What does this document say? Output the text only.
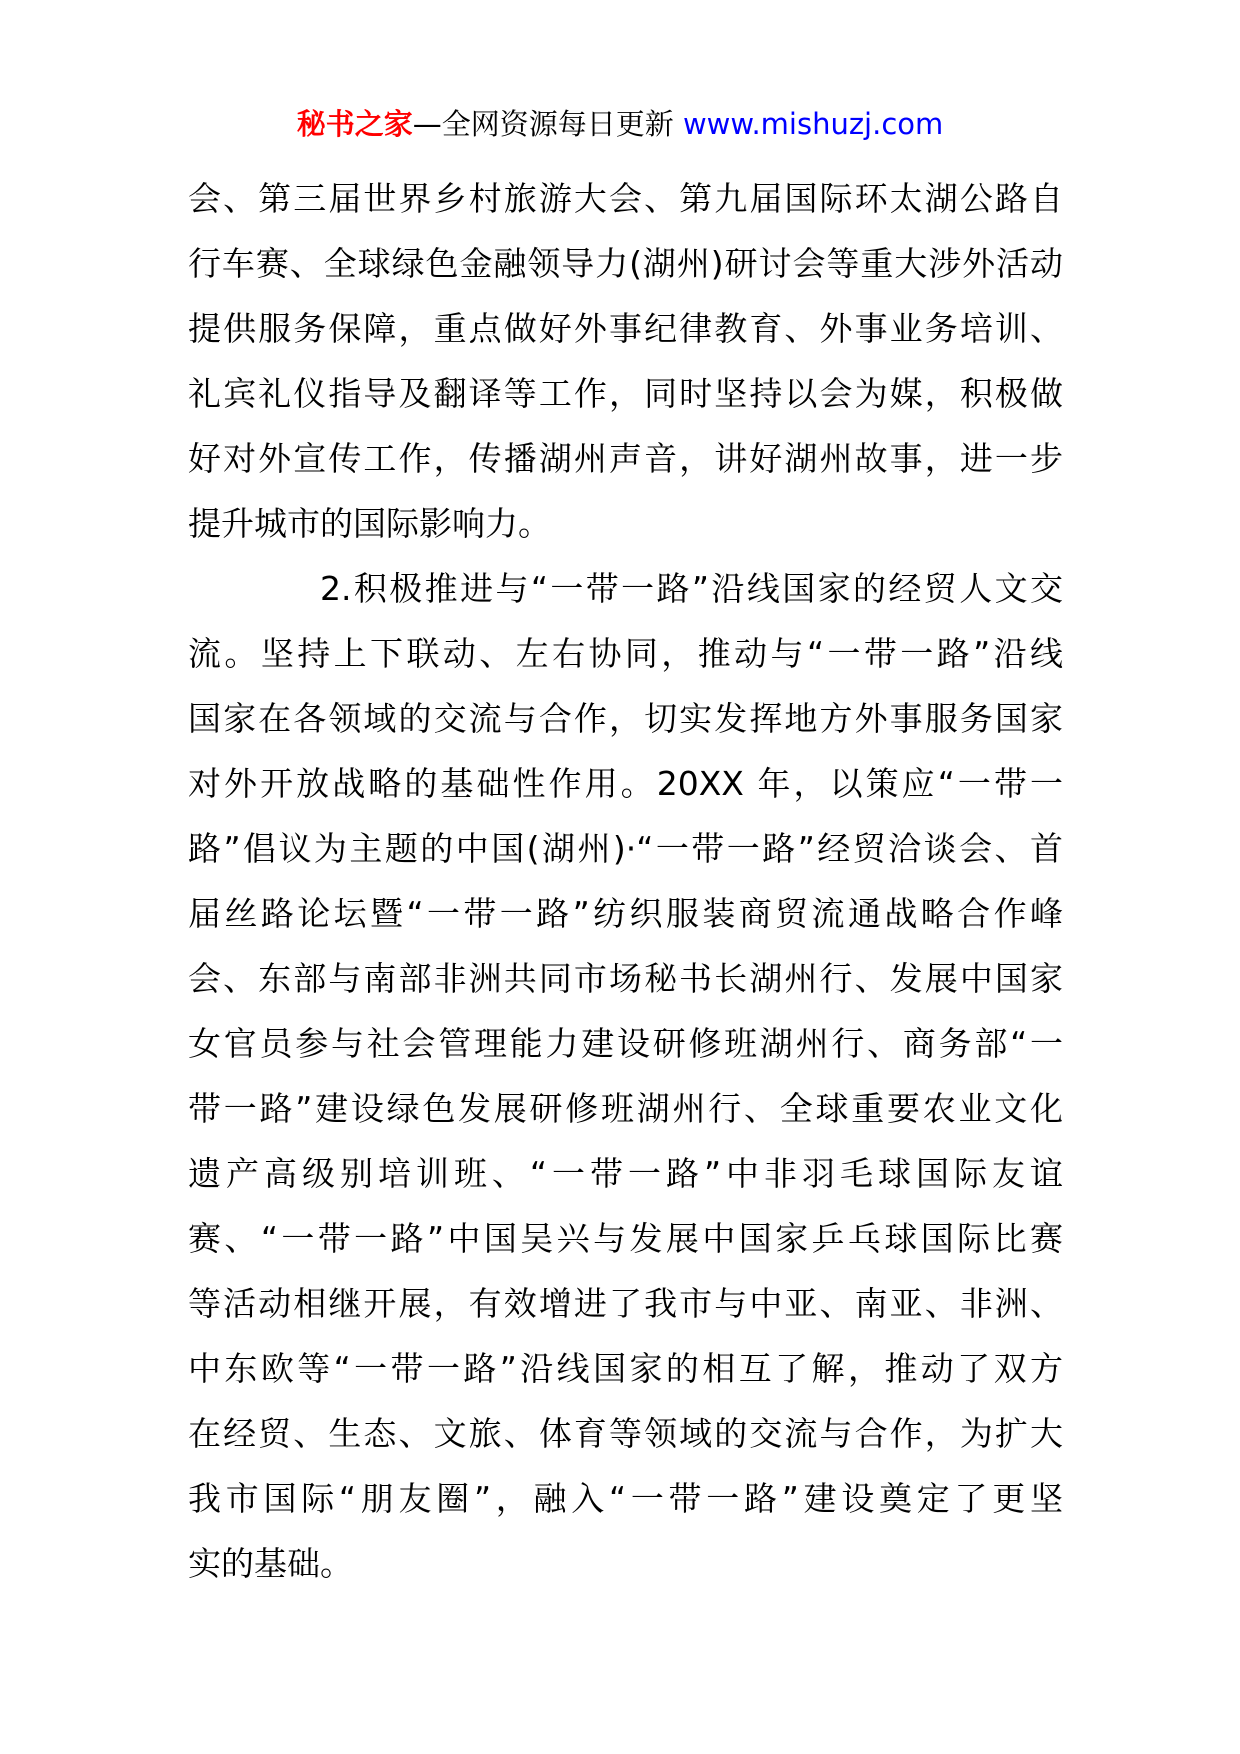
秘书之家—全网资源每日更新 www.mishuzj.com
会、第三届世界乡村旅游大会、第九届国际环太湖公路自
行车赛、全球绿色金融领导力(湖州)研讨会等重大涉外活动
提供服务保障，重点做好外事纪律教育、外事业务培训、
礼宾礼仪指导及翻译等工作，同时坚持以会为媒，积极做
好对外宣传工作，传播湖州声音，讲好湖州故事，进一步
提升城市的国际影响力。
2.积极推进与“一带一路”沿线国家的经贸人文交
流。坚持上下联动、左右协同，推动与“一带一路”沿线
国家在各领域的交流与合作，切实发挥地方外事服务国家
对外开放战略的基础性作用。20XX 年，以策应“一带一
路”倡议为主题的中国(湖州)·“一带一路”经贸洽谈会、首
届丝路论坛暨“一带一路”纺织服装商贸流通战略合作峰
会、东部与南部非洲共同市场秘书长湖州行、发展中国家
女官员参与社会管理能力建设研修班湖州行、商务部“一
带一路”建设绿色发展研修班湖州行、全球重要农业文化
遗产高级别培训班、“一带一路”中非羽毛球国际友谊
赛、“一带一路”中国吴兴与发展中国家乒乓球国际比赛
等活动相继开展，有效增进了我市与中亚、南亚、非洲、
中东欧等“一带一路”沿线国家的相互了解，推动了双方
在经贸、生态、文旅、体育等领域的交流与合作，为扩大
我市国际“朋友圈”，融入“一带一路”建设奠定了更坚
实的基础。
